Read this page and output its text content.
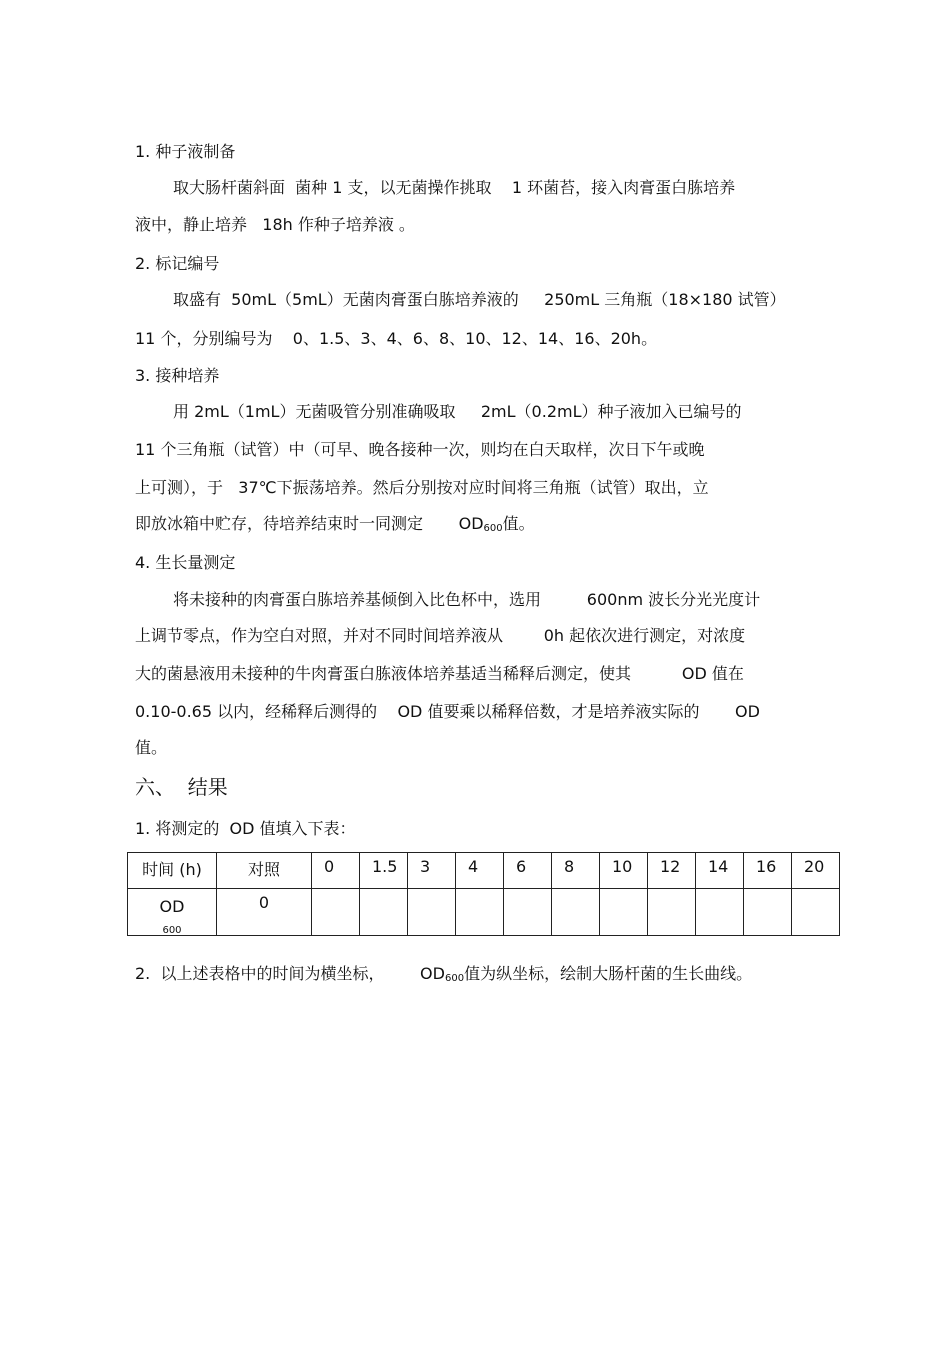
1. 种子液制备
取大肠杆菌斜面  菌种 1 支，以无菌操作挑取    1 环菌苔，接入肉膏蛋白胨培养
液中，静止培养   18h 作种子培养液 。
2. 标记编号
取盛有  50mL（5mL）无菌肉膏蛋白胨培养液的     250mL 三角瓶（18×180 试管）
11 个，分别编号为    0、1.5、3、4、6、8、10、12、14、16、20h。
3. 接种培养
用 2mL（1mL）无菌吸管分别准确吸取     2mL（0.2mL）种子液加入已编号的
11 个三角瓶（试管）中（可早、晚各接种一次，则均在白天取样，次日下午或晚
上可测），于   37℃下振荡培养。然后分别按对应时间将三角瓶（试管）取出，立
即放冰箱中贮存，待培养结束时一同测定       $OD_{600}$值。
4. 生长量测定
将未接种的肉膏蛋白胨培养基倾倒入比色杯中，选用         600nm 波长分光光度计
上调节零点，作为空白对照，并对不同时间培养液从        0h 起依次进行测定，对浓度
大的菌悬液用未接种的牛肉膏蛋白胨液体培养基适当稀释后测定，使其          OD 值在
0.10-0.65 以内，经稀释后测得的    OD 值要乘以稀释倍数，才是培养液实际的       OD
值。
六、  结果
1. 将测定的  OD 值填入下表：
时间 (h)	对照	0	1.5	3	4	6	8	10	12	14	16	20

OD
$_{600}$	0											

2.  以上述表格中的时间为横坐标，       $OD_{600}$值为纵坐标，绘制大肠杆菌的生长曲线。
